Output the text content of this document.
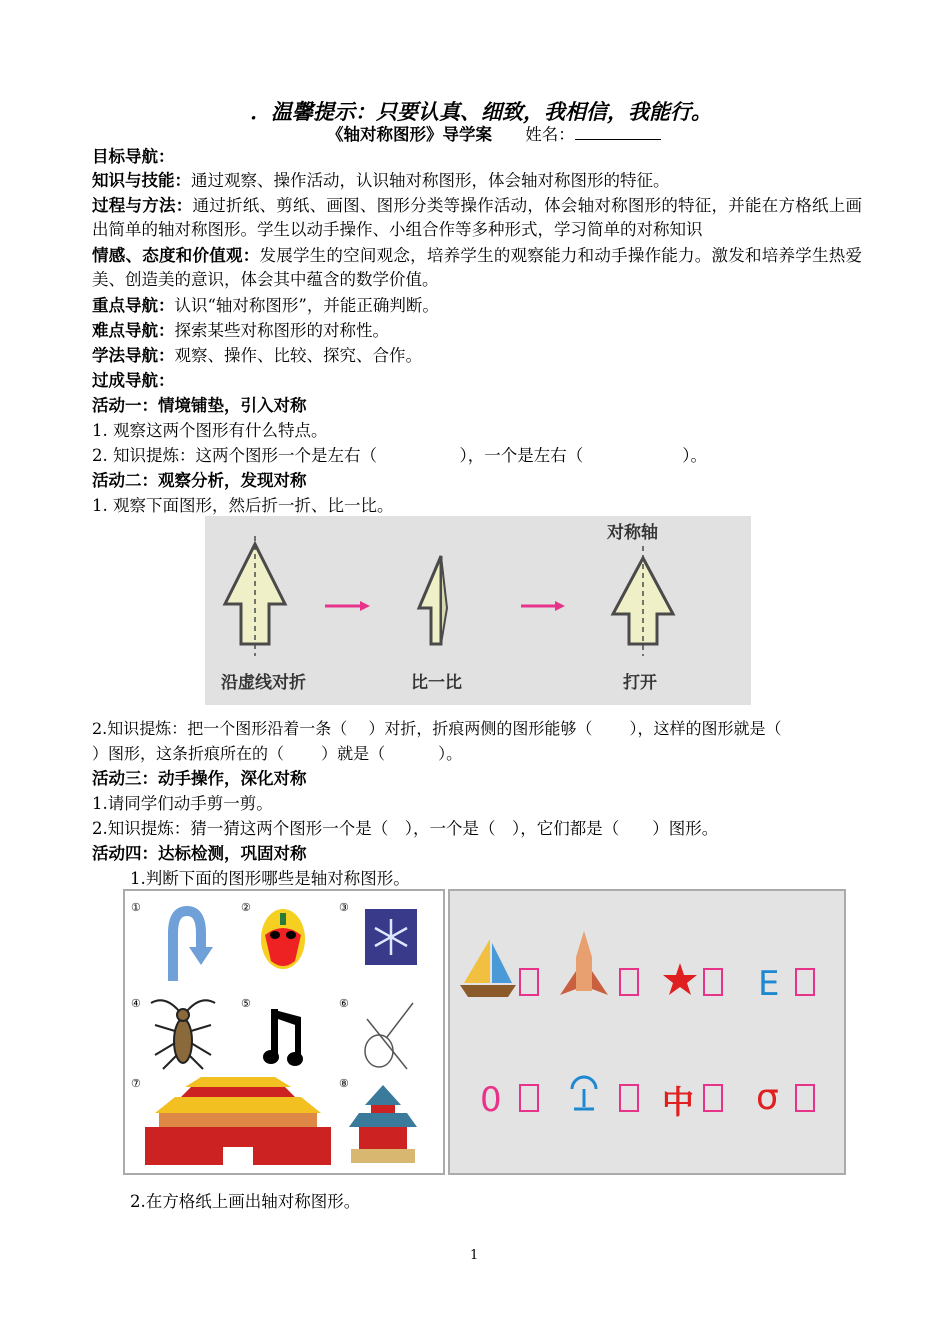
．温馨提示：只要认真、细致，我相信，我能行。
《轴对称图形》导学案 姓名：
目标导航：
知识与技能：通过观察、操作活动，认识轴对称图形，体会轴对称图形的特征。
过程与方法：通过折纸、剪纸、画图、图形分类等操作活动，体会轴对称图形的特征，并能在方格纸上画出简单的轴对称图形。学生以动手操作、小组合作等多种形式，学习简单的对称知识
情感、态度和价值观：发展学生的空间观念，培养学生的观察能力和动手操作能力。激发和培养学生热爱美、创造美的意识，体会其中蕴含的数学价值。
重点导航：认识“轴对称图形”，并能正确判断。
难点导航：探索某些对称图形的对称性。
学法导航：观察、操作、比较、探究、合作。
过成导航：
活动一：情境铺垫，引入对称
1. 观察这两个图形有什么特点。
2. 知识提炼：这两个图形一个是左右（　　　　　），一个是左右（　　　　　　）。
活动二：观察分析，发现对称
1. 观察下面图形，然后折一折、比一比。
对称轴
沿虚线对折	比一比	打开
2.知识提炼：把一个图形沿着一条（　 ）对折，折痕两侧的图形能够（　　 ），这样的图形就是（
）图形，这条折痕所在的（　　 ）就是（　　　 ）。
活动三：动手操作，深化对称
1.请同学们动手剪一剪。
2.知识提炼：猜一猜这两个图形一个是（　），一个是（　），它们都是（　　）图形。
活动四：达标检测，巩固对称
1.判断下面的图形哪些是轴对称图形。
①	②	③
④	⑤	⑥
⑦	⑧
E
0	中 σ
2.在方格纸上画出轴对称图形。
1
